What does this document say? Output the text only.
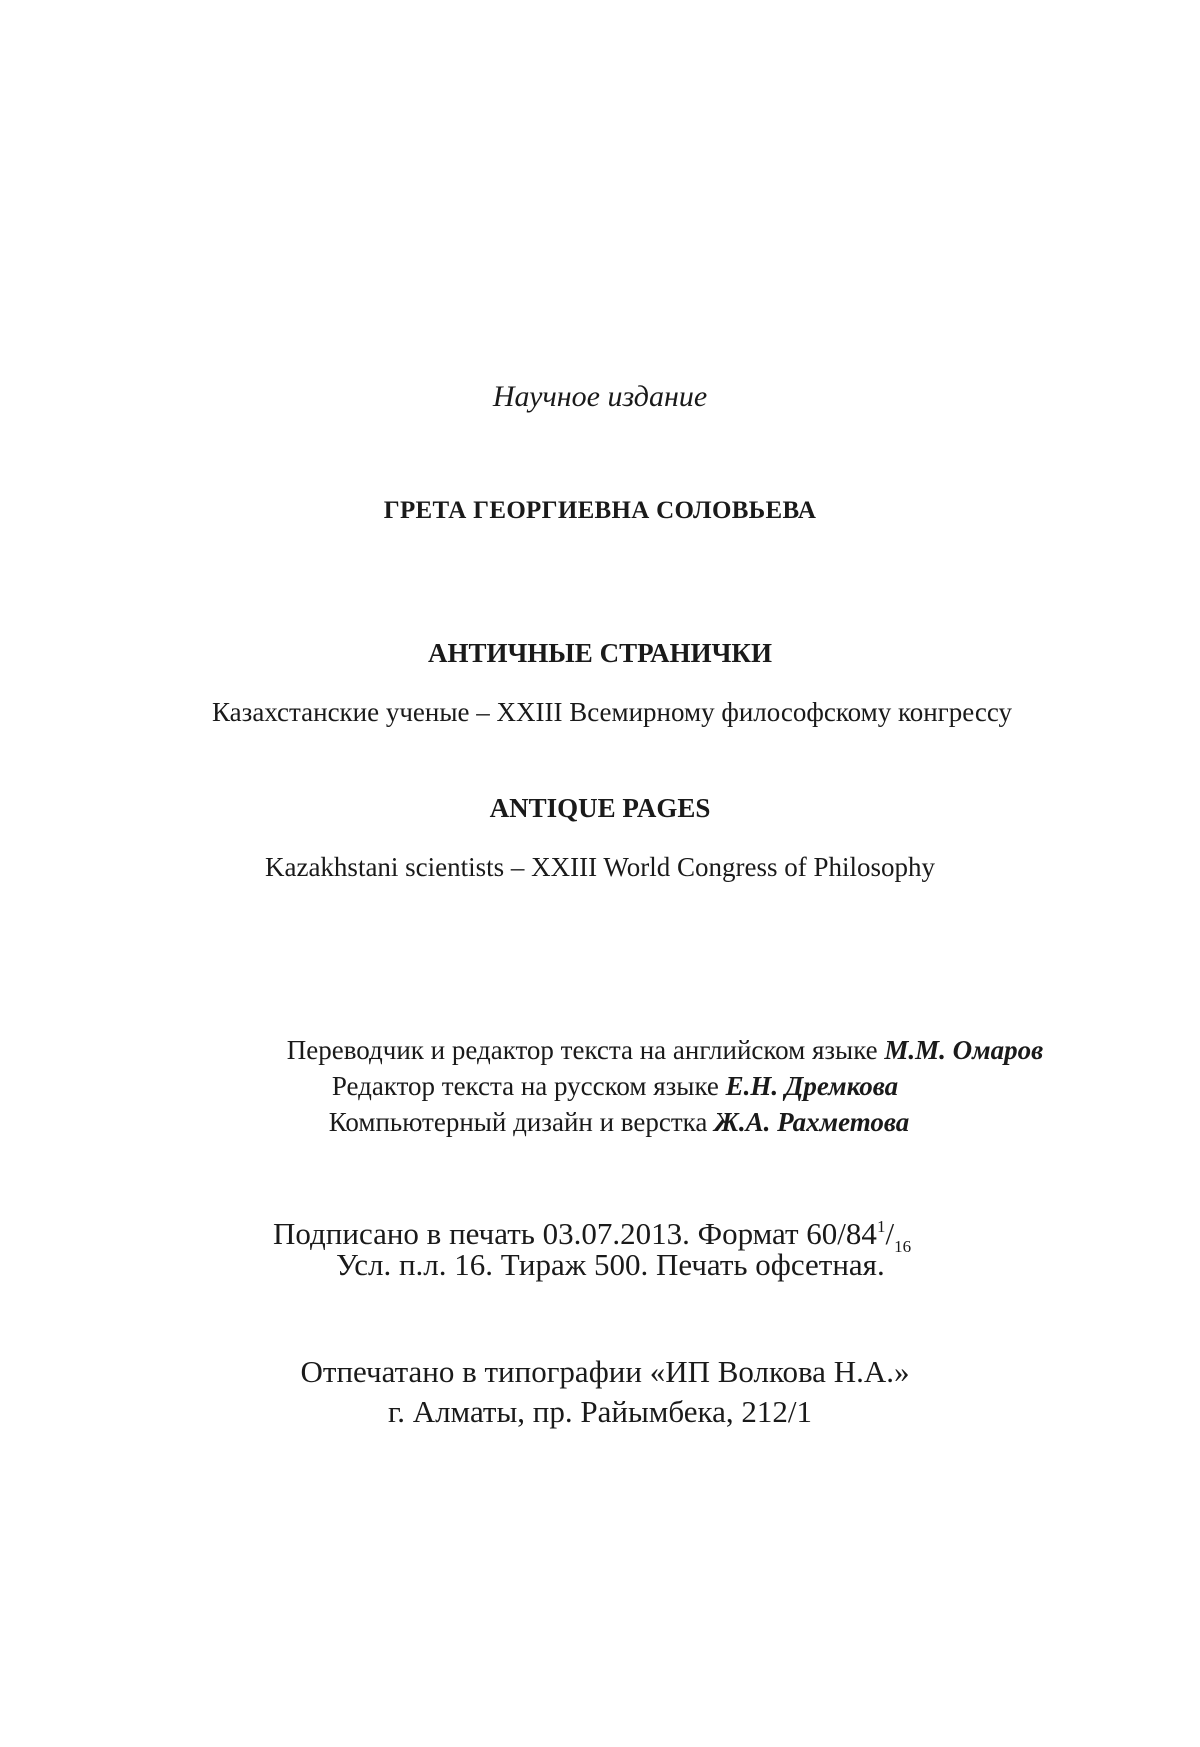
Научное издание
ГРЕТА ГЕОРГИЕВНА СОЛОВЬЕВА
АНТИЧНЫЕ СТРАНИЧКИ
Казахстанские ученые – XXIII Всемирному философскому конгрессу
ANTIQUE PAGES
Kazakhstani scientists – XXIII World Congress of Philosophy
Переводчик и редактор текста на английском языке М.М. Омаров
Редактор текста на русском языке Е.Н. Дремкова
Компьютерный дизайн и верстка Ж.А. Рахметова
Подписано в печать 03.07.2013. Формат $60/84^1/_{16}$
Усл. п.л. 16. Тираж 500. Печать офсетная.
Отпечатано в типографии «ИП Волкова Н.А.»
г. Алматы, пр. Райымбека, 212/1
